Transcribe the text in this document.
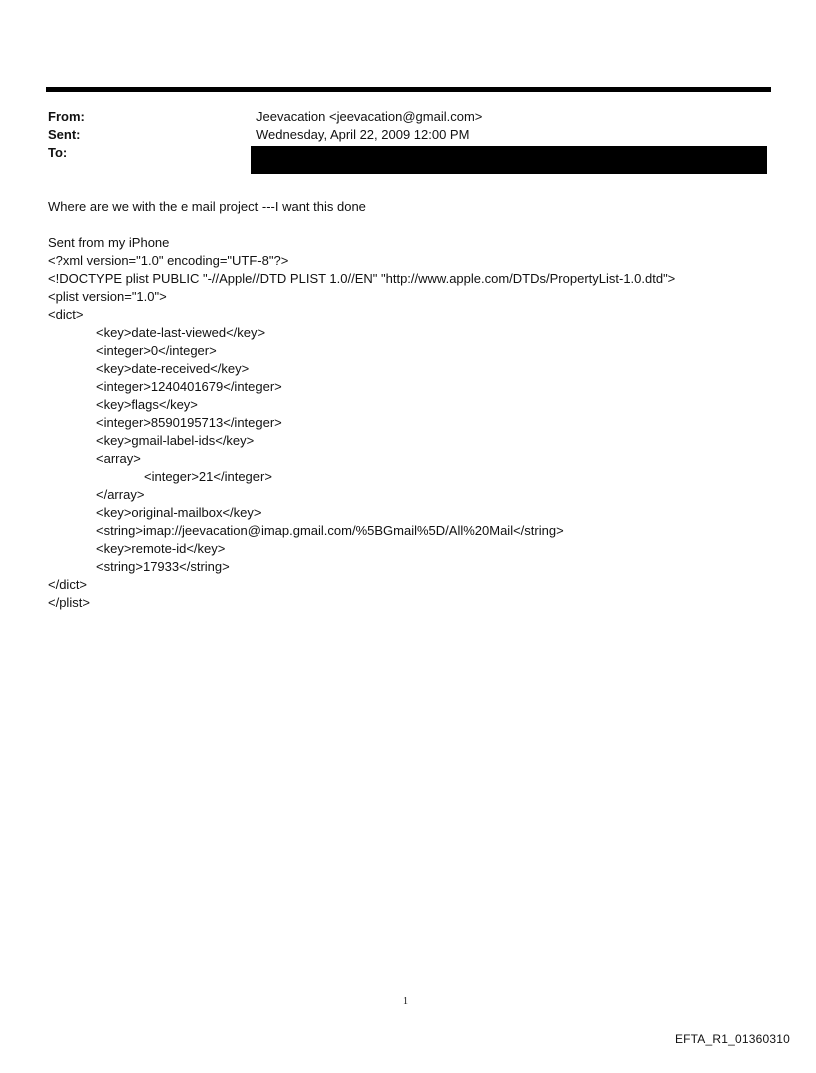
From:	Jeevacation <jeevacation@gmail.com>
Sent:	Wednesday, April 22, 2009 12:00 PM
To:
Where are we with the e mail project ---I want this done
Sent from my iPhone
<?xml version="1.0" encoding="UTF-8"?>
<!DOCTYPE plist PUBLIC "-//Apple//DTD PLIST 1.0//EN" "http://www.apple.com/DTDs/PropertyList-1.0.dtd">
<plist version="1.0">
<dict>
<key>date-last-viewed</key>
<integer>0</integer>
<key>date-received</key>
<integer>1240401679</integer>
<key>flags</key>
<integer>8590195713</integer>
<key>gmail-label-ids</key>
<array>
<integer>21</integer>
</array>
<key>original-mailbox</key>
<string>imap://jeevacation@imap.gmail.com/%5BGmail%5D/All%20Mail</string>
<key>remote-id</key>
<string>17933</string>
</dict>
</plist>
1
EFTA_R1_01360310
